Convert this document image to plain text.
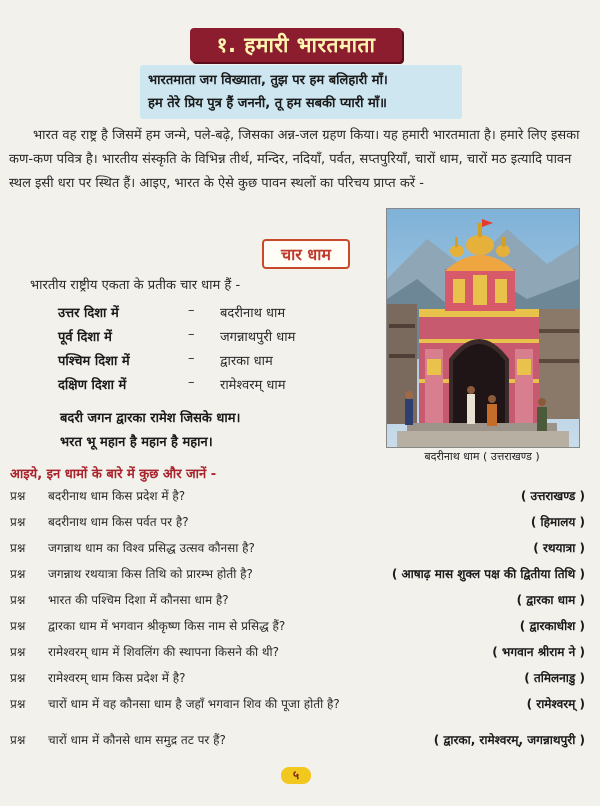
१. हमारी भारतमाता
भारतमाता जग विख्याता, तुझ पर हम बलिहारी माँ।
हम तेरे प्रिय पुत्र हैं जननी, तू हम सबकी प्यारी माँ॥

भारत वह राष्ट्र है जिसमें हम जन्मे, पले-बढ़े, जिसका अन्न-जल ग्रहण किया। यह हमारी भारतमाता है। हमारे लिए इसका कण-कण पवित्र है। भारतीय संस्कृति के विभिन्न तीर्थ, मन्दिर, नदियाँ, पर्वत, सप्तपुरियाँ, चारों धाम, चारों मठ इत्यादि पावन स्थल इसी धरा पर स्थित हैं। आइए, भारत के ऐसे कुछ पावन स्थलों का परिचय प्राप्त करें -

बदरीनाथ धाम ( उत्तराखण्ड )
चार धाम
भारतीय राष्ट्रीय एकता के प्रतीक चार धाम हैं -
उत्तर दिशा में	–	बदरीनाथ धाम
पूर्व दिशा में	–	जगन्नाथपुरी धाम
पश्चिम दिशा में	–	द्वारका धाम
दक्षिण दिशा में	–	रामेश्वरम् धाम
बदरी जगन द्वारका रामेश जिसके धाम।
भरत भू महान है महान है महान।
आइये, इन धामों के बारे में कुछ और जानें -
प्रश्न	बदरीनाथ धाम किस प्रदेश में है?	( उत्तराखण्ड )
प्रश्न	बदरीनाथ धाम किस पर्वत पर है?	( हिमालय )
प्रश्न	जगन्नाथ धाम का विश्व प्रसिद्ध उत्सव कौनसा है?	( रथयात्रा )
प्रश्न	जगन्नाथ रथयात्रा किस तिथि को प्रारम्भ होती है?	( आषाढ़ मास शुक्ल पक्ष की द्वितीया तिथि )
प्रश्न	भारत की पश्चिम दिशा में कौनसा धाम है?	( द्वारका धाम )
प्रश्न	द्वारका धाम में भगवान श्रीकृष्ण किस नाम से प्रसिद्ध हैं?	( द्वारकाधीश )
प्रश्न	रामेश्वरम् धाम में शिवलिंग की स्थापना किसने की थी?	( भगवान श्रीराम ने )
प्रश्न	रामेश्वरम् धाम किस प्रदेश में है?	( तमिलनाडु )
प्रश्न	चारों धाम में वह कौनसा धाम है जहाँ भगवान शिव की पूजा होती है?	( रामेश्वरम् )
प्रश्न	चारों धाम में कौनसे धाम समुद्र तट पर हैं?	( द्वारका, रामेश्वरम्, जगन्नाथपुरी )
५
